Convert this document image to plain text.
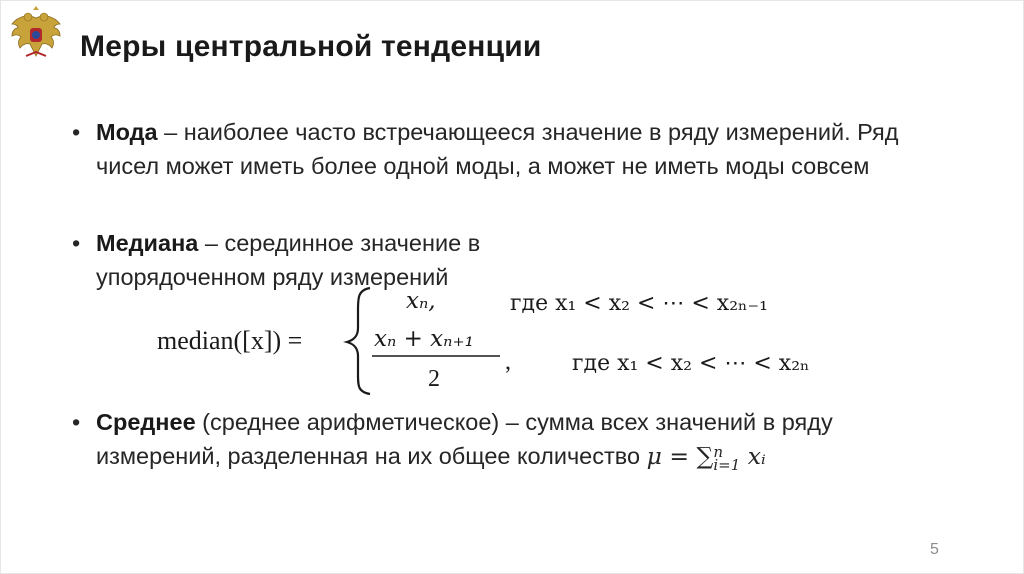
Меры центральной тенденции
• Мода – наиболее часто встречающееся значение в ряду измерений. Ряд чисел может иметь более одной моды, а может не иметь моды совсем
• Медиана – серединное значение в упорядоченном ряду измерений
median([x]) =
xₙ,	где x₁ < x₂ < ⋯ < x₂ₙ₋₁
xₙ + xₙ₊₁
2
,	где x₁ < x₂ < ⋯ < x₂ₙ
• Среднее (среднее арифметическое) – сумма всех значений в ряду измерений, разделенная на их общее количество μ = ∑ n
i=1 xᵢ
5
